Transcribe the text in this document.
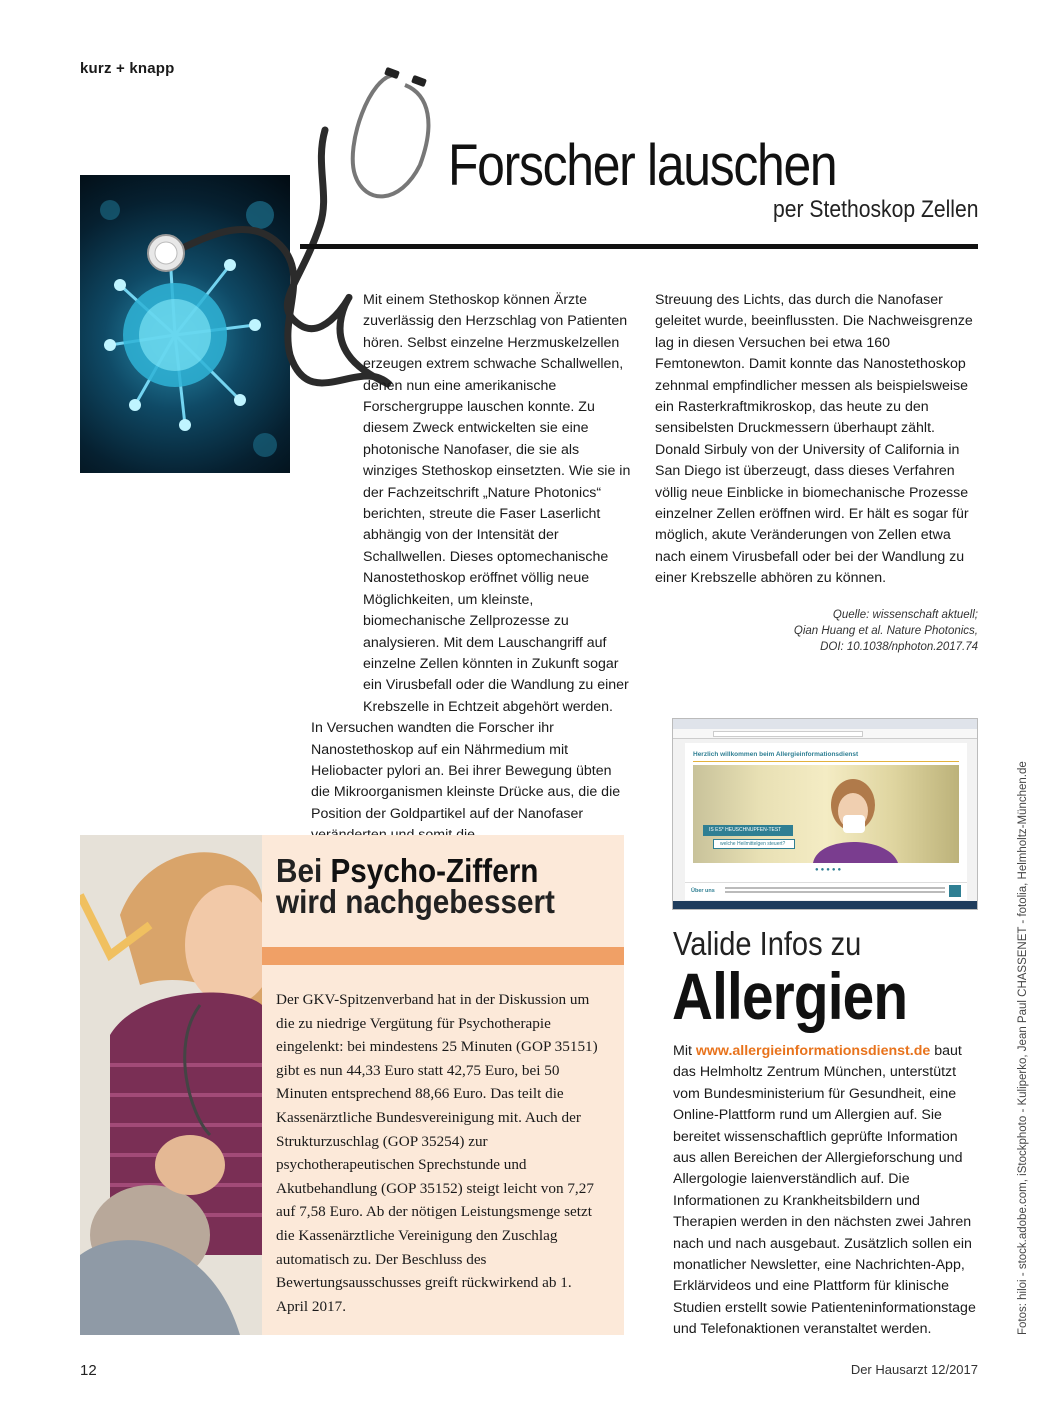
kurz + knapp
Forscher lauschen
per Stethoskop Zellen

Mit einem Stethoskop können Ärzte zuverlässig den Herzschlag von Patienten hören. Selbst einzelne Herzmuskelzellen erzeugen extrem schwache Schallwellen, denen nun eine amerikanische Forschergruppe lauschen konnte. Zu diesem Zweck entwickelten sie eine photonische Nanofaser, die sie als winziges Stethoskop einsetzten. Wie sie in der Fachzeitschrift „Nature Photonics“ berichten, streute die Faser Laserlicht abhängig von der Intensität der Schallwellen. Dieses optomechanische Nanostethoskop eröffnet völlig neue Möglichkeiten, um kleinste, biomechanische Zellprozesse zu analysieren. Mit dem Lauschangriff auf einzelne Zellen könnten in Zukunft sogar ein Virusbefall oder die Wandlung zu einer Krebszelle in Echtzeit abgehört werden.

In Versuchen wandten die Forscher ihr Nanostethoskop auf ein Nährmedium mit Heliobacter pylori an. Bei ihrer Bewegung übten die Mikroorganismen kleinste Drücke aus, die die Position der Goldpartikel auf der Nanofaser

Streuung des Lichts, das durch die Nanofaser geleitet wurde, beeinflussten. Die Nachweisgrenze lag in diesen Versuchen bei etwa 160 Femtonewton. Damit konnte das Nanostethoskop zehnmal empfindlicher messen als beispielsweise ein Rasterkraftmikroskop, das heute zu den sensibelsten Druckmessern überhaupt zählt.

Donald Sirbuly von der University of California in San Diego ist überzeugt, dass dieses Verfahren völlig neue Einblicke in biomechanische Prozesse einzelner Zellen eröffnen wird. Er hält es sogar für möglich, akute Veränderungen von Zellen etwa nach einem Virusbefall oder bei der Wandlung zu einer Krebszelle abhören zu können.

Quelle: wissenschaft aktuell;
Qian Huang et al. Nature Photonics,
DOI: 10.1038/nphoton.2017.74
Bei Psycho-Ziffern wird nachgebessert
Der GKV-Spitzenverband hat in der Diskussion um die zu niedrige Vergütung für Psychotherapie eingelenkt: bei mindestens 25 Minuten (GOP 35151) gibt es nun 44,33 Euro statt 42,75 Euro, bei 50 Minuten entsprechend 88,66 Euro. Das teilt die Kassenärztliche Bundesvereinigung mit. Auch der Strukturzuschlag (GOP 35254) zur psychotherapeutischen Sprechstunde und Akutbehandlung (GOP 35152) steigt leicht von 7,27 auf 7,58 Euro. Ab der nötigen Leistungsmenge setzt die Kassenärztliche Vereinigung den Zuschlag automatisch zu. Der Beschluss des Bewertungsausschusses greift rückwirkend ab 1. April 2017.
Herzlich willkommen beim Allergieinformationsdienst
IS ES* HEUSCHNUPFEN-TEST
welche Heilmittelgen steuert?
●●●●●
Über uns
Valide Infos zu
Allergien
Mit www.allergieinformationsdienst.de baut das Helmholtz Zentrum München, unterstützt vom Bundesministerium für Gesundheit, eine Online-Plattform rund um Allergien auf. Sie bereitet wissenschaftlich geprüfte Information aus allen Bereichen der Allergieforschung und Allergologie laienverständlich auf. Die Informationen zu Krankheitsbildern und Therapien werden in den nächsten zwei Jahren nach und nach ausgebaut. Zusätzlich sollen ein monatlicher Newsletter, eine Nachrichten-App, Erklärvideos und eine Plattform für klinische Studien erstellt sowie Patienteninformationstage und Telefonaktionen veranstaltet werden.	Fotos: hiloi - stock.adobe.com, iStockphoto - Kuliperko, Jean Paul CHASSENET - fotolia, Helmholtz-München.de
12	Der Hausarzt 12/2017
